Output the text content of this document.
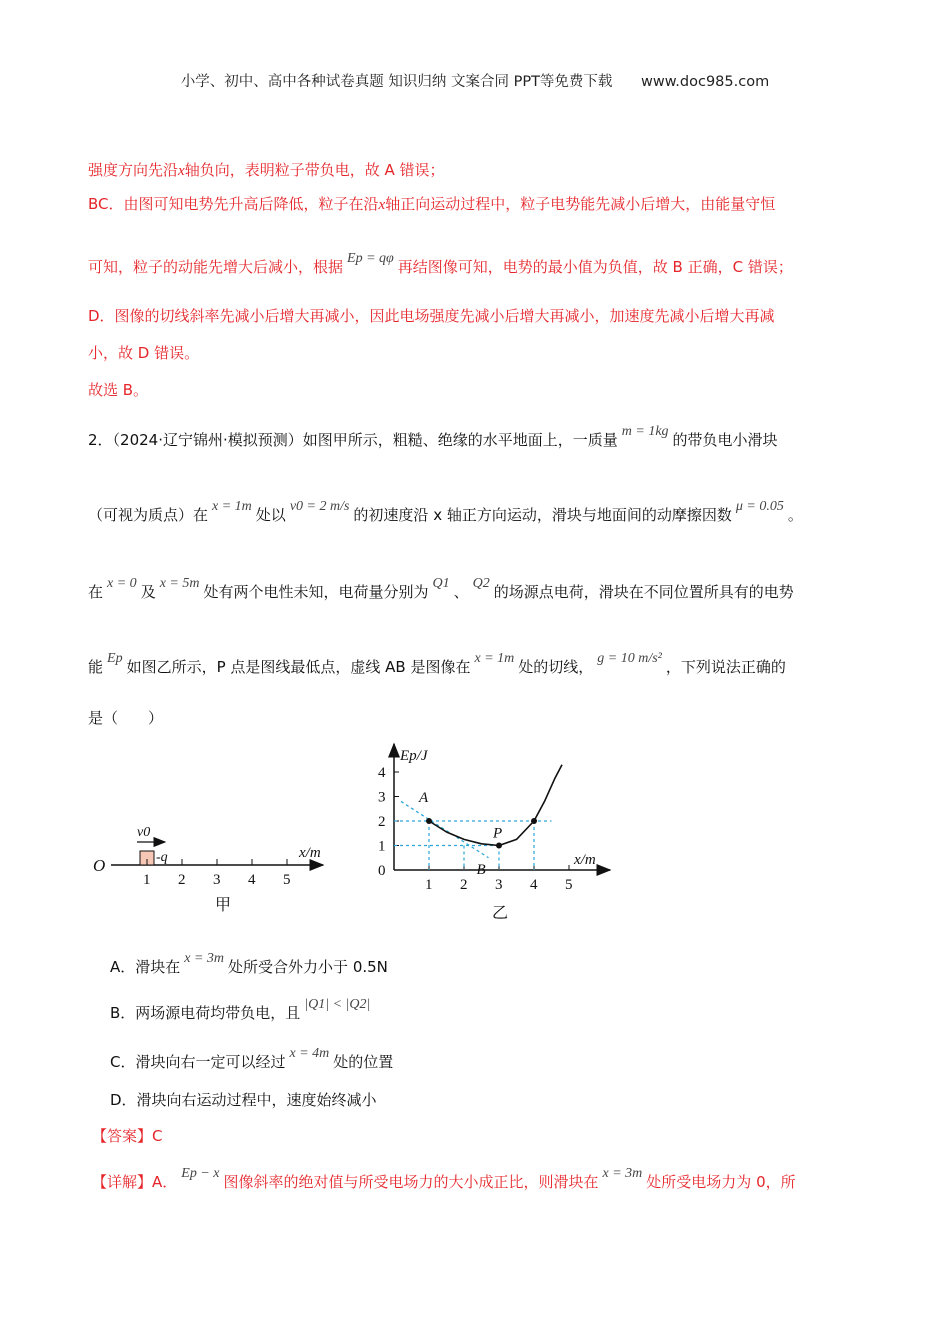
小学、初中、高中各种试卷真题 知识归纳 文案合同 PPT等免费下载 www.doc985.com
强度方向先沿x轴负向，表明粒子带负电，故 A 错误；
BC．由图可知电势先升高后降低，粒子在沿x轴正向运动过程中，粒子电势能先减小后增大，由能量守恒
可知，粒子的动能先增大后减小，根据 Ep = qφ 再结图像可知，电势的最小值为负值，故 B 正确，C 错误；
D．图像的切线斜率先减小后增大再减小，因此电场强度先减小后增大再减小，加速度先减小后增大再减
小，故 D 错误。
故选 B。
2．（2024·辽宁锦州·模拟预测）如图甲所示，粗糙、绝缘的水平地面上，一质量 m = 1kg 的带负电小滑块
（可视为质点）在 x = 1m 处以 v0 = 2 m/s 的初速度沿 x 轴正方向运动，滑块与地面间的动摩擦因数 μ = 0.05 。
在 x = 0 及 x = 5m 处有两个电性未知，电荷量分别为 Q1 、 Q2 的场源点电荷，滑块在不同位置所具有的电势
能 Ep 如图乙所示，P 点是图线最低点，虚线 AB 是图像在 x = 1m 处的切线， g = 10 m/s² ，下列说法正确的
是（　　）
O
v0
-q
1 2 3 4 5
x/m
甲
Ep/J
x/m
0
乙
1 2 3 4 5
1
2
3
4
A
P
B
A．滑块在 x = 3m 处所受合外力小于 0.5N
B．两场源电荷均带负电，且 |Q1| < |Q2|
C．滑块向右一定可以经过 x = 4m 处的位置
D．滑块向右运动过程中，速度始终减小
【答案】C
【详解】A． Ep − x 图像斜率的绝对值与所受电场力的大小成正比，则滑块在 x = 3m 处所受电场力为 0，所
